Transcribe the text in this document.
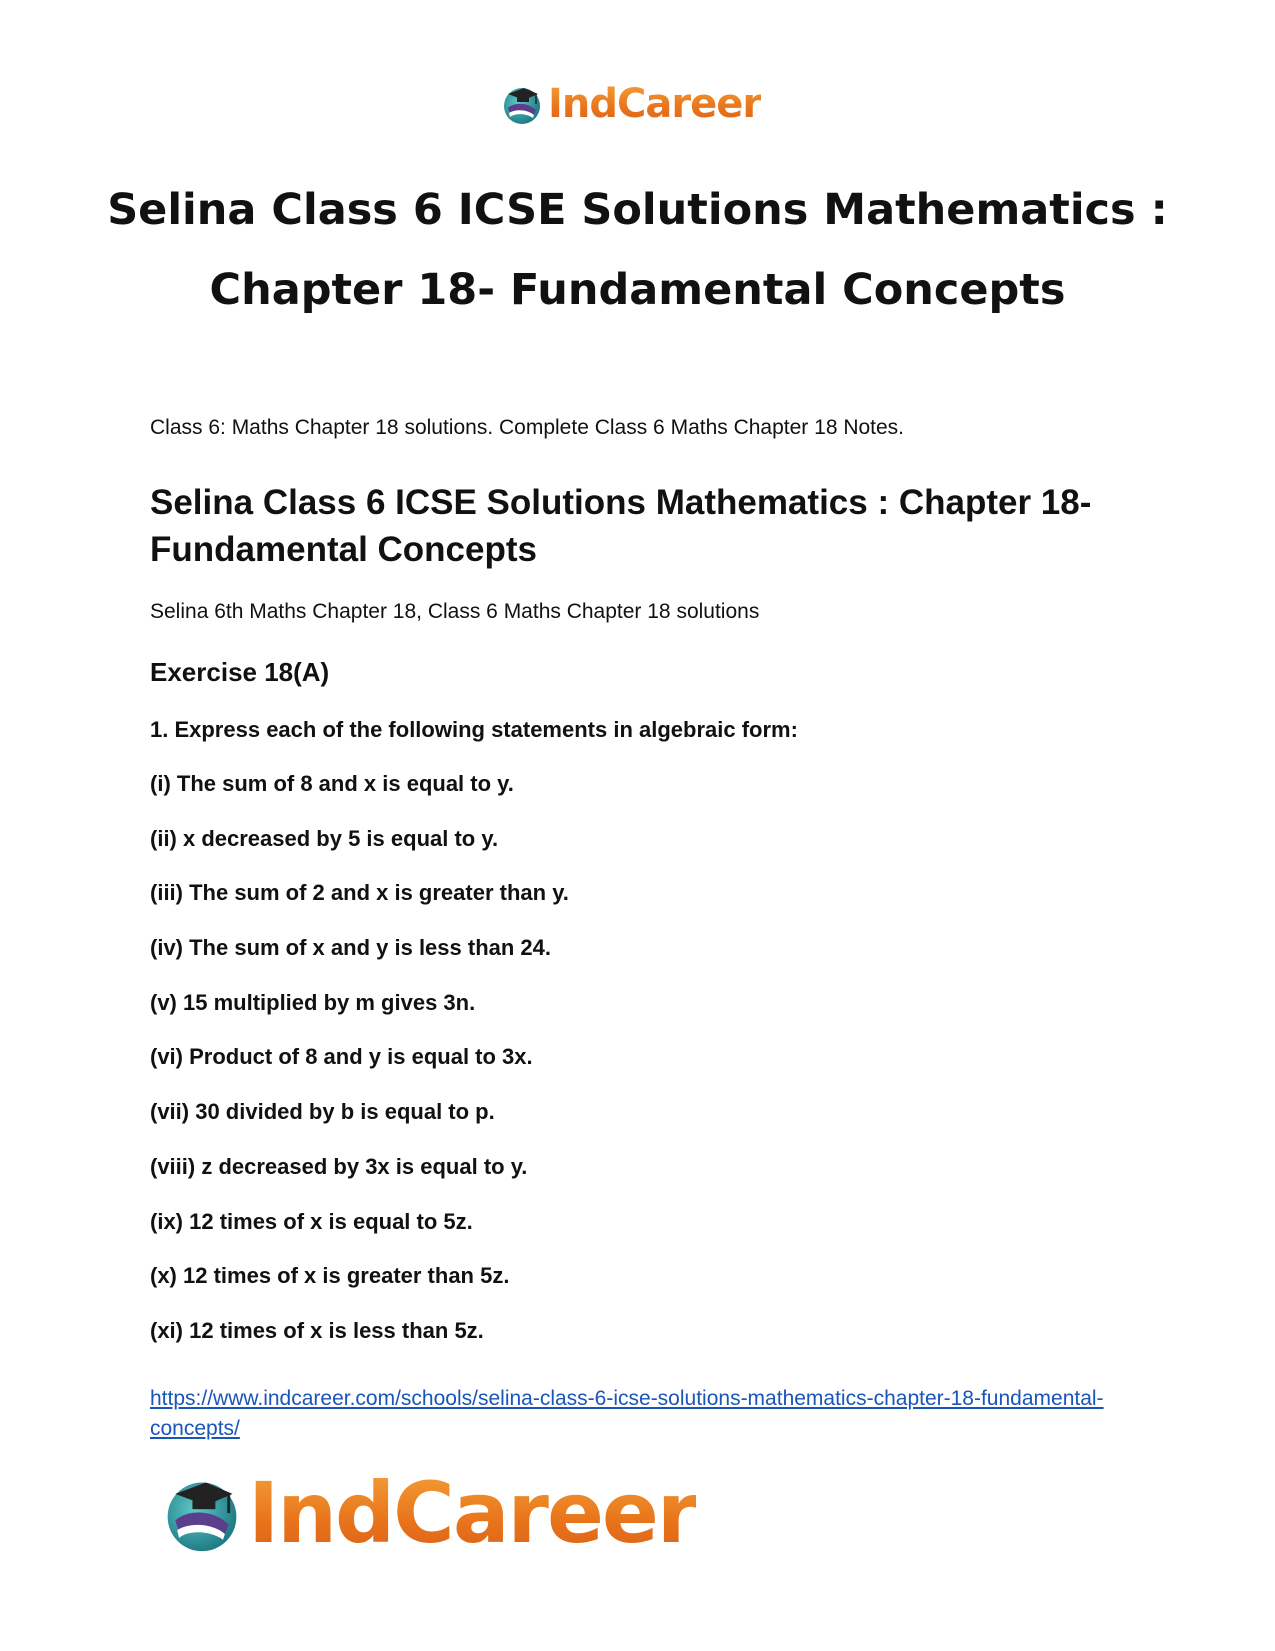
IndCareer
Selina Class 6 ICSE Solutions Mathematics : Chapter 18- Fundamental Concepts

Class 6: Maths Chapter 18 solutions. Complete Class 6 Maths Chapter 18 Notes.

Selina Class 6 ICSE Solutions Mathematics : Chapter 18- Fundamental Concepts

Selina 6th Maths Chapter 18, Class 6 Maths Chapter 18 solutions

Exercise 18(A)

1. Express each of the following statements in algebraic form:

(i) The sum of 8 and x is equal to y.
(ii) x decreased by 5 is equal to y.
(iii) The sum of 2 and x is greater than y.
(iv) The sum of x and y is less than 24.
(v) 15 multiplied by m gives 3n.
(vi) Product of 8 and y is equal to 3x.
(vii) 30 divided by b is equal to p.
(viii) z decreased by 3x is equal to y.
(ix) 12 times of x is equal to 5z.
(x) 12 times of x is greater than 5z.
(xi) 12 times of x is less than 5z.
https://www.indcareer.com/schools/selina-class-6-icse-solutions-mathematics-chapter-18-fundamental-concepts/
IndCareer
